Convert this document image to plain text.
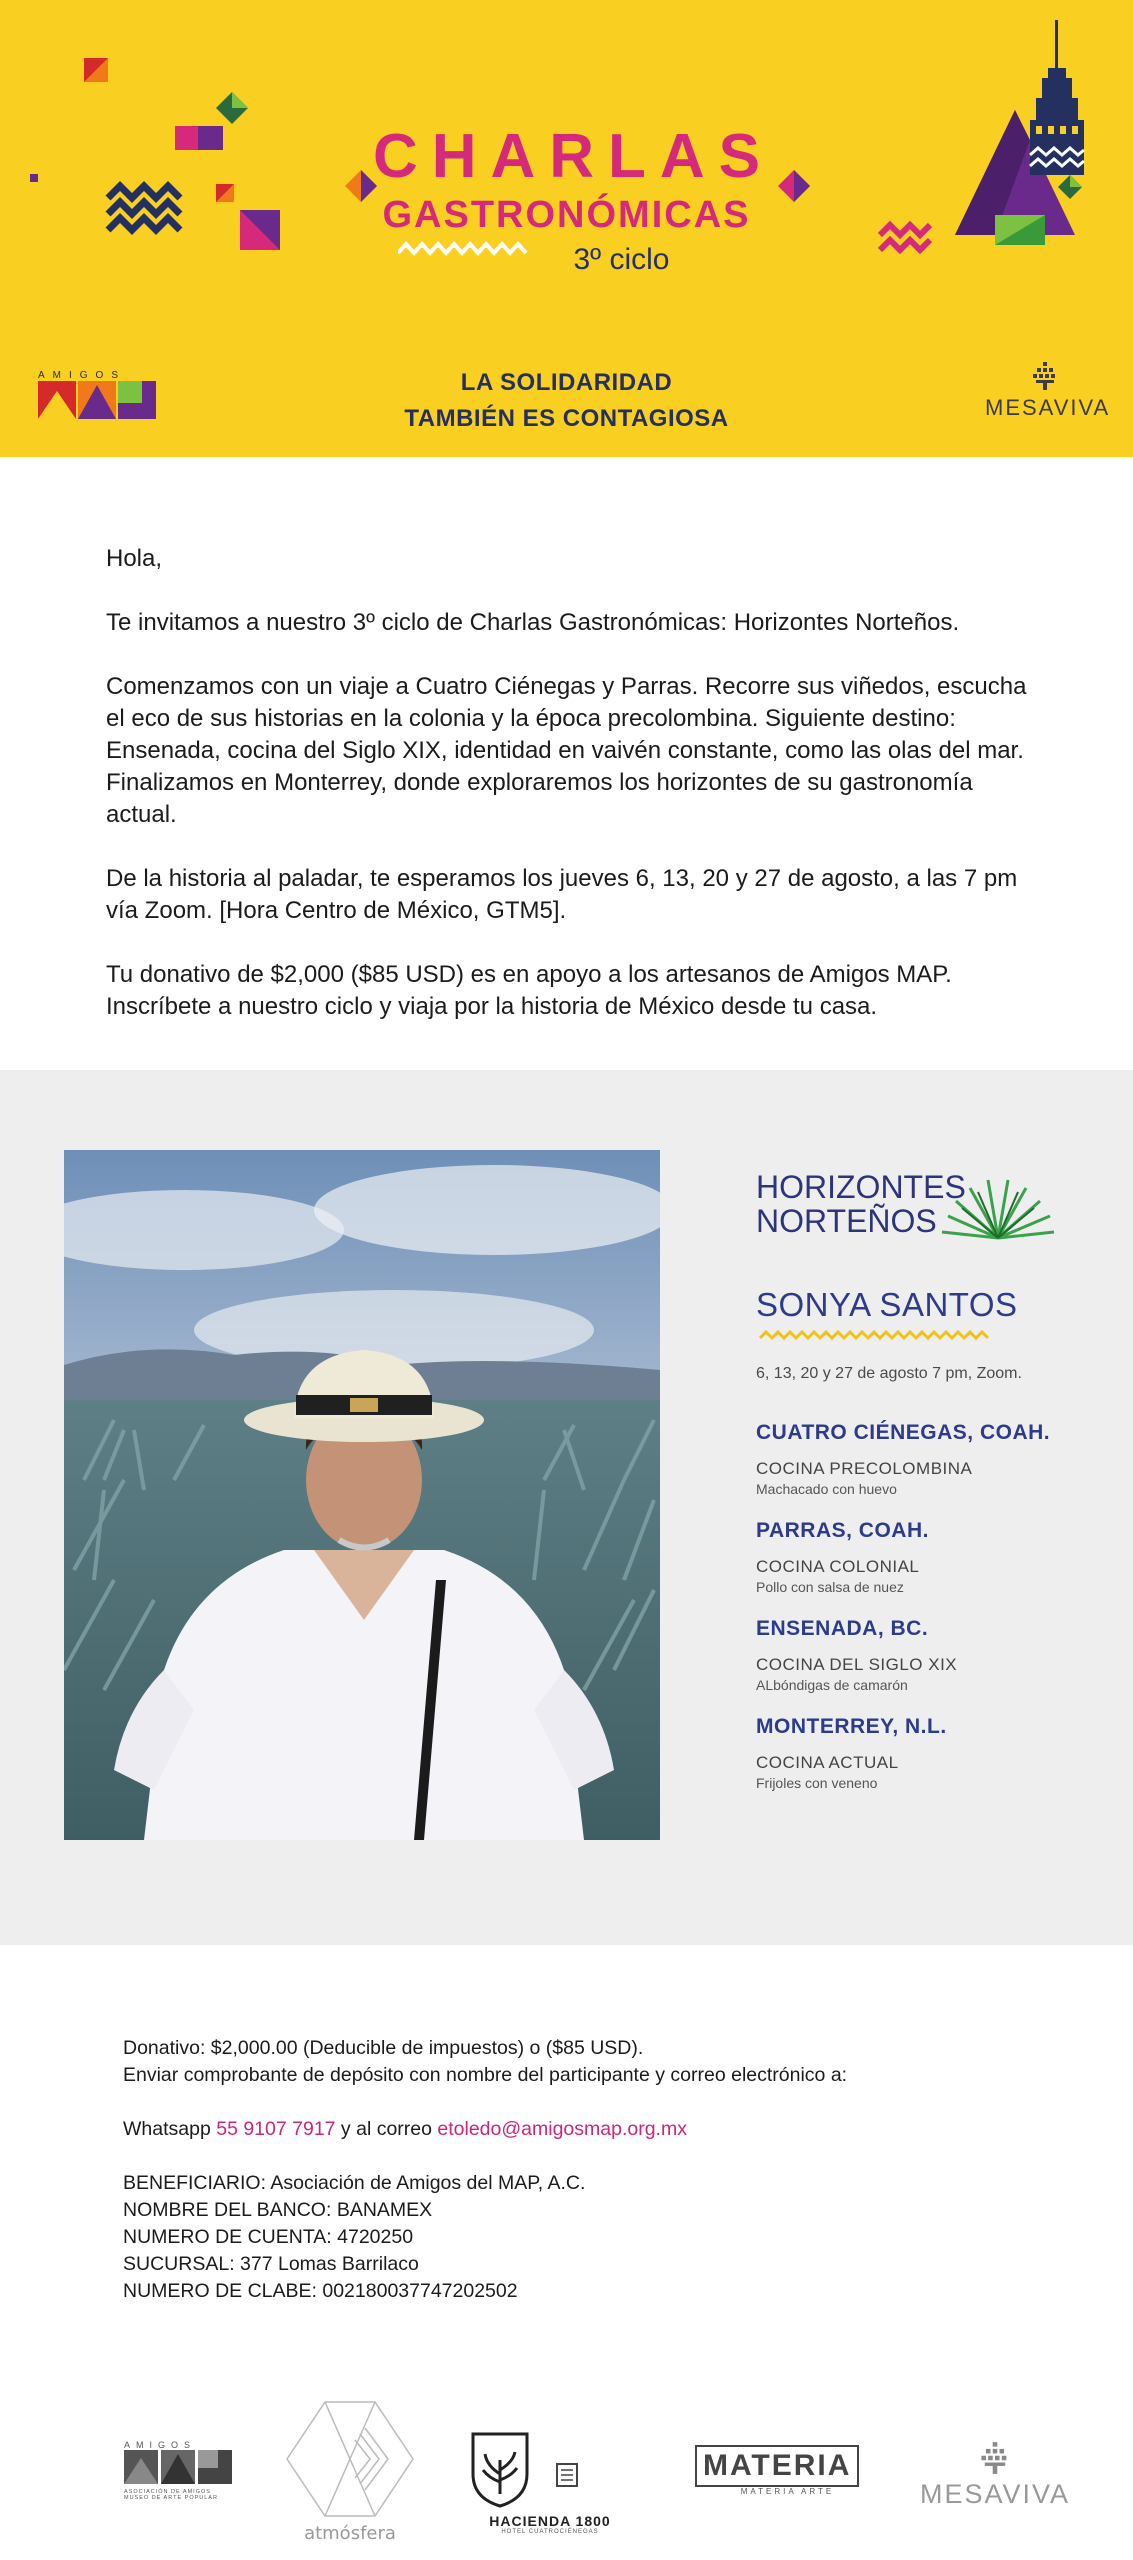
CHARLAS
GASTRONÓMICAS
3º ciclo
AMIGOS	LA SOLIDARIDAD
TAMBIÉN ES CONTAGIOSA	MESAVIVA

Hola,

Te invitamos a nuestro 3º ciclo de Charlas Gastronómicas: Horizontes Norteños.

Comenzamos con un viaje a Cuatro Ciénegas y Parras. Recorre sus viñedos, escucha el eco de sus historias en la colonia y la época precolombina. Siguiente destino: Ensenada, cocina del Siglo XIX, identidad en vaivén constante, como las olas del mar. Finalizamos en Monterrey, donde exploraremos los horizontes de su gastronomía actual.

De la historia al paladar, te esperamos los jueves 6, 13, 20 y 27 de agosto, a las 7 pm vía Zoom. [Hora Centro de México, GTM5].

Tu donativo de $2,000 ($85 USD) es en apoyo a los artesanos de Amigos MAP. Inscríbete a nuestro ciclo y viaja por la historia de México desde tu casa.

HORIZONTES
NORTEÑOS
SONYA SANTOS
6, 13, 20 y 27 de agosto 7 pm, Zoom.
CUATRO CIÉNEGAS, COAH.
COCINA PRECOLOMBINA
Machacado con huevo
PARRAS, COAH.
COCINA COLONIAL
Pollo con salsa de nuez
ENSENADA, BC.
COCINA DEL SIGLO XIX
ALbóndigas de camarón
MONTERREY, N.L.
COCINA ACTUAL
Frijoles con veneno
Donativo: $2,000.00 (Deducible de impuestos) o ($85 USD).
Enviar comprobante de depósito con nombre del participante y correo electrónico a:
Whatsapp 55 9107 7917 y al correo etoledo@amigosmap.org.mx
BENEFICIARIO: Asociación de Amigos del MAP, A.C.
NOMBRE DEL BANCO: BANAMEX
NUMERO DE CUENTA: 4720250
SUCURSAL: 377 Lomas Barrilaco
NUMERO DE CLABE: 002180037747202502
AMIGOS
ASOCIACIÓN DE AMIGOS
MUSEO DE ARTE POPULAR
atmósfera
HACIENDA 1800
HOTEL CUATROCIÉNEGAS
MATERIA
MATERIA ARTE	MESAVIVA
